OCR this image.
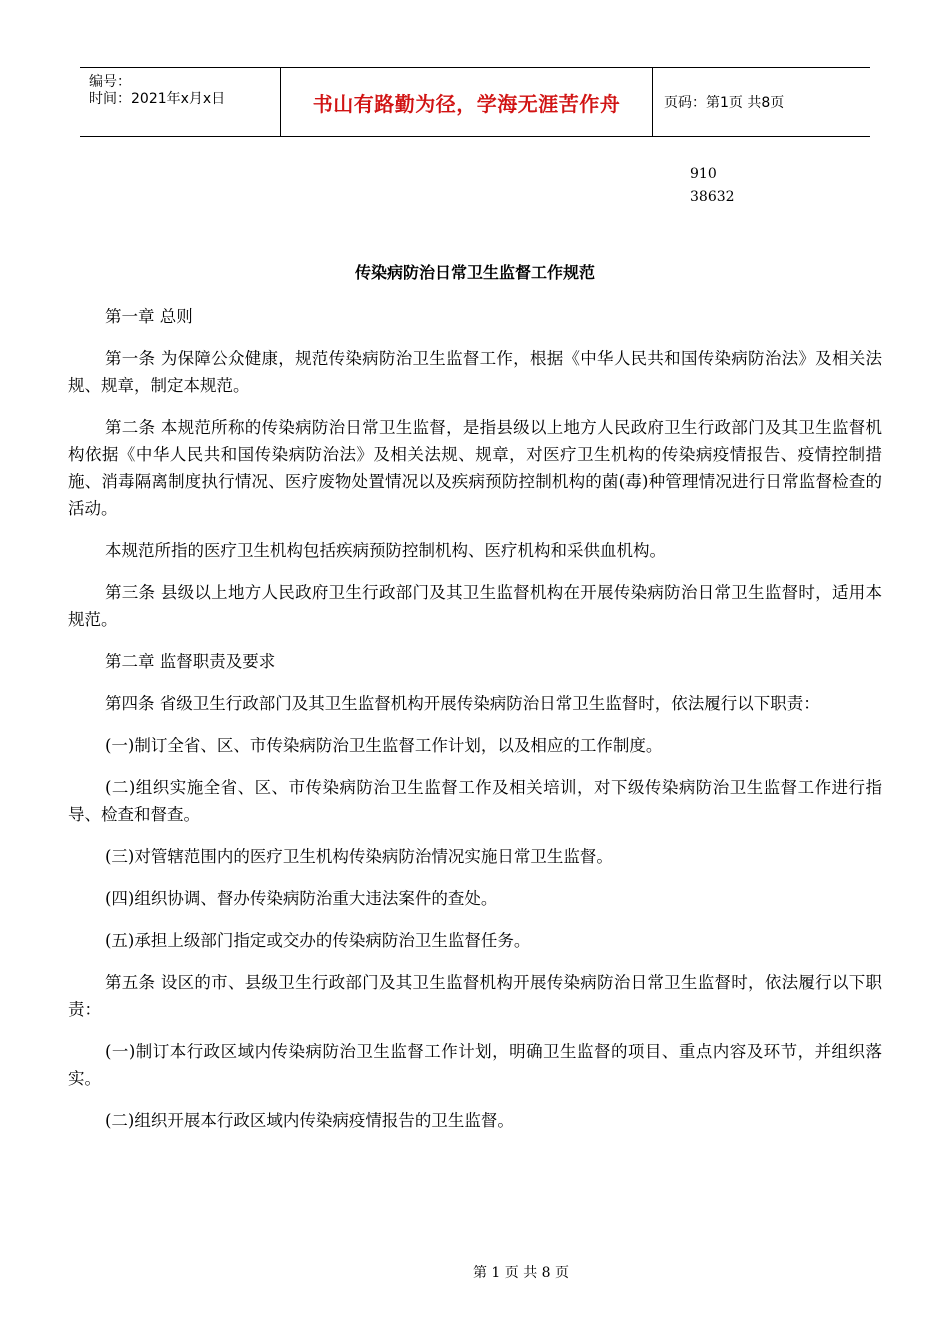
编号：
时间：2021年x月x日	书山有路勤为径，学海无涯苦作舟	页码：第1页 共8页
910
38632
传染病防治日常卫生监督工作规范

第一章 总则

第一条 为保障公众健康，规范传染病防治卫生监督工作，根据《中华人民共和国传染病防治法》及相关法规、规章，制定本规范。

第二条 本规范所称的传染病防治日常卫生监督，是指县级以上地方人民政府卫生行政部门及其卫生监督机构依据《中华人民共和国传染病防治法》及相关法规、规章，对医疗卫生机构的传染病疫情报告、疫情控制措施、消毒隔离制度执行情况、医疗废物处置情况以及疾病预防控制机构的菌(毒)种管理情况进行日常监督检查的活动。

本规范所指的医疗卫生机构包括疾病预防控制机构、医疗机构和采供血机构。

第三条 县级以上地方人民政府卫生行政部门及其卫生监督机构在开展传染病防治日常卫生监督时，适用本规范。

第二章 监督职责及要求

第四条 省级卫生行政部门及其卫生监督机构开展传染病防治日常卫生监督时，依法履行以下职责：

(一)制订全省、区、市传染病防治卫生监督工作计划，以及相应的工作制度。

(二)组织实施全省、区、市传染病防治卫生监督工作及相关培训，对下级传染病防治卫生监督工作进行指导、检查和督查。

(三)对管辖范围内的医疗卫生机构传染病防治情况实施日常卫生监督。

(四)组织协调、督办传染病防治重大违法案件的查处。

(五)承担上级部门指定或交办的传染病防治卫生监督任务。

第五条 设区的市、县级卫生行政部门及其卫生监督机构开展传染病防治日常卫生监督时，依法履行以下职责：

(一)制订本行政区域内传染病防治卫生监督工作计划，明确卫生监督的项目、重点内容及环节，并组织落实。

(二)组织开展本行政区域内传染病疫情报告的卫生监督。

第 1 页 共 8 页
